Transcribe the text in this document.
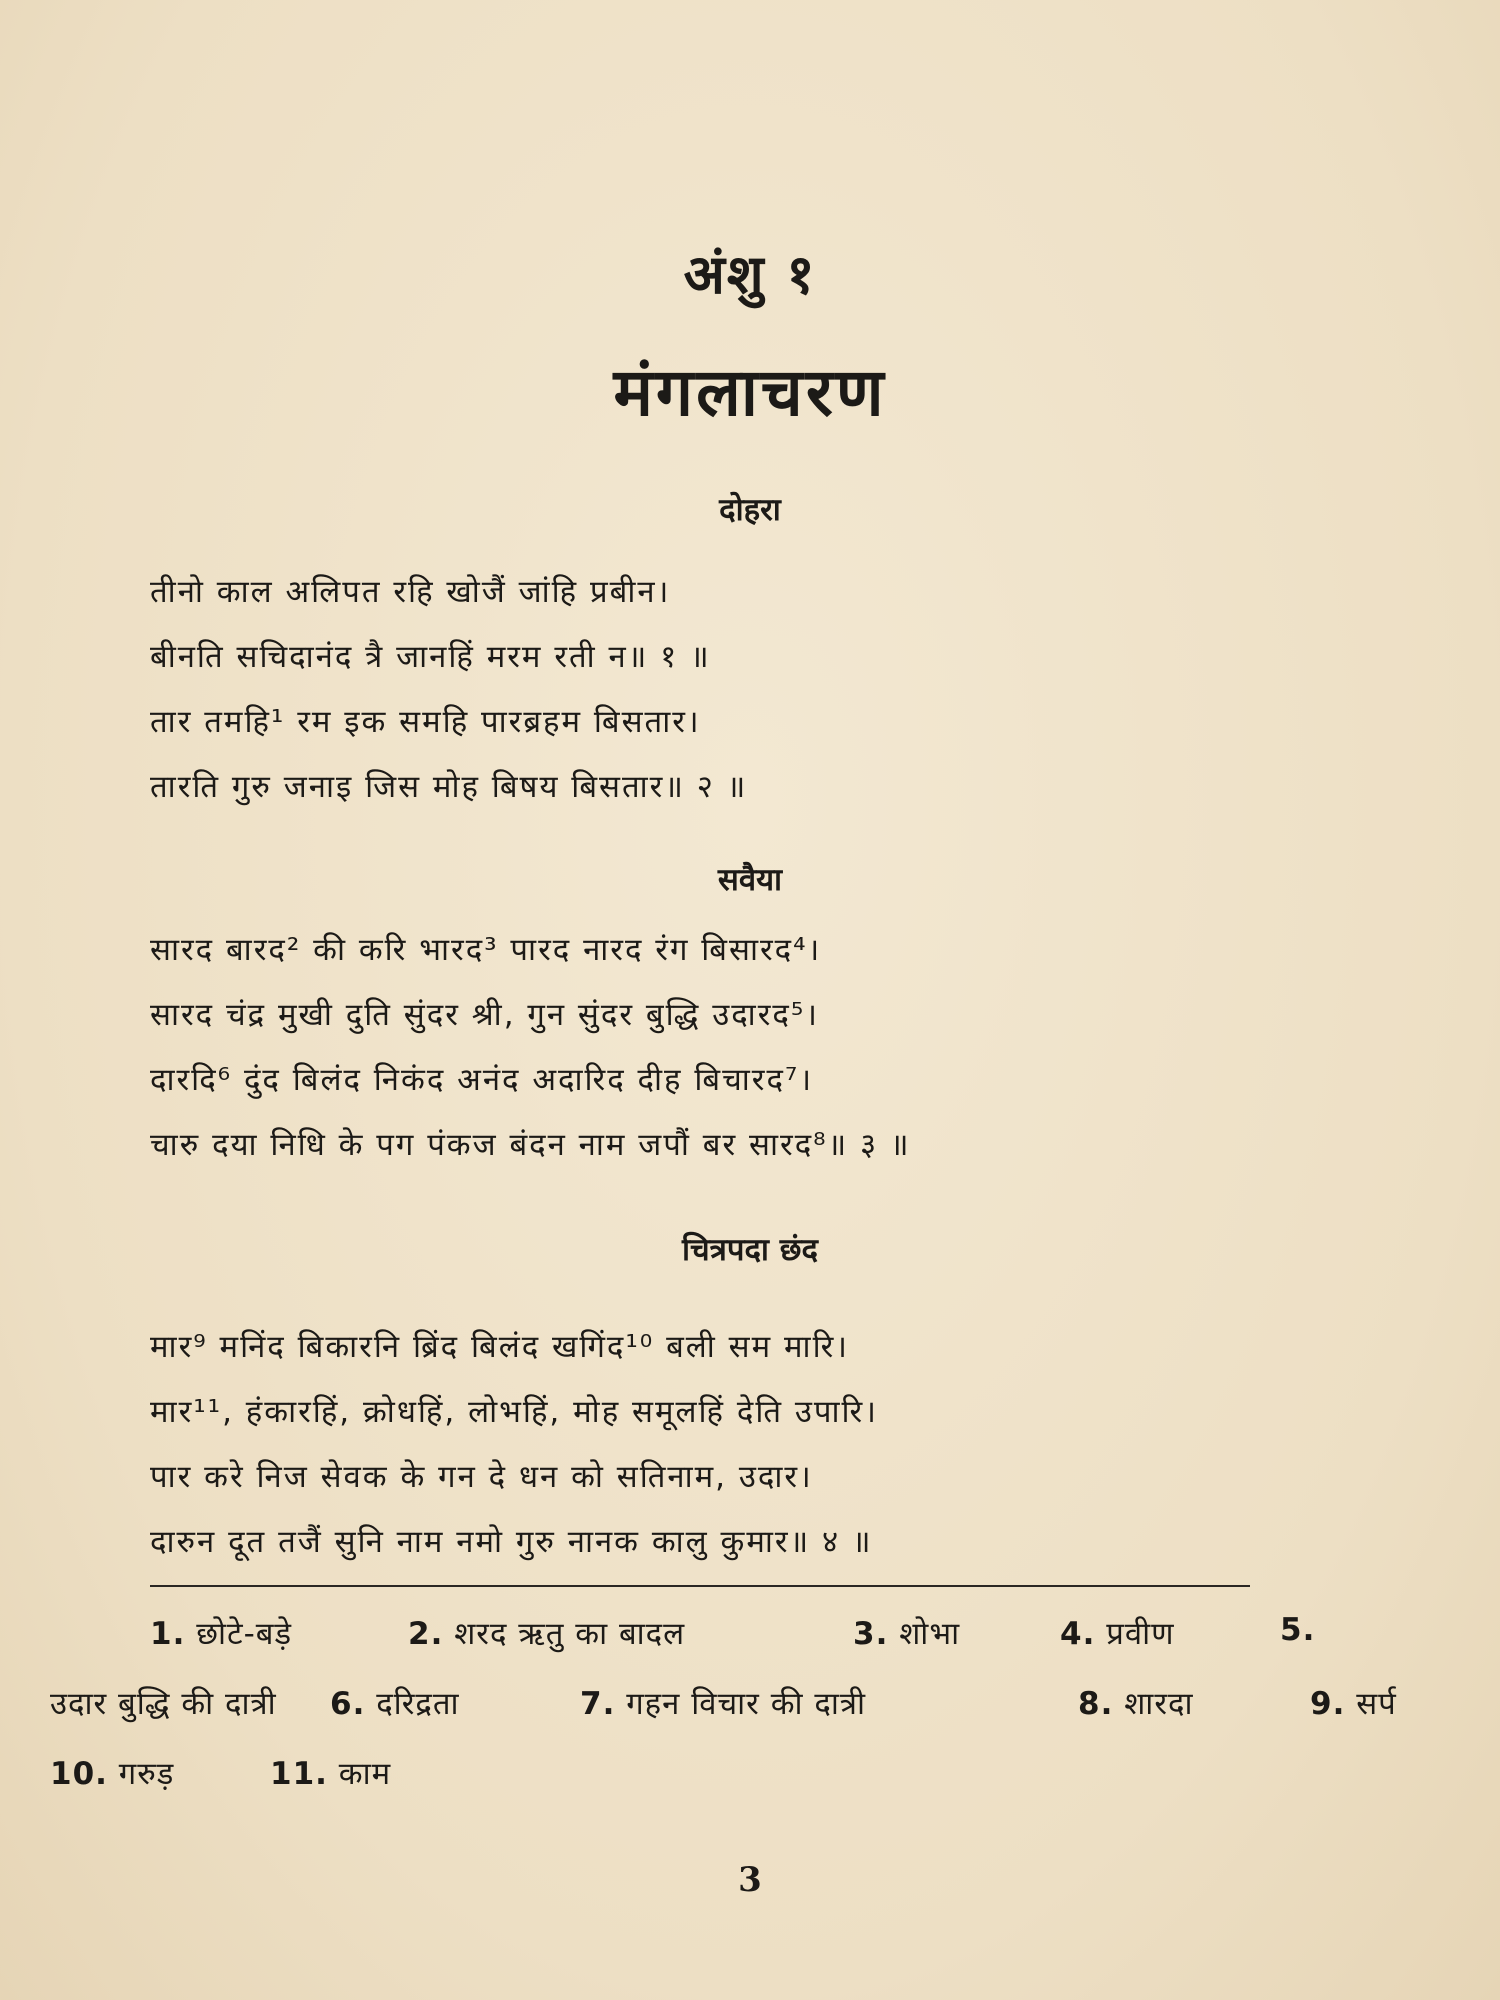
अंशु १
मंगलाचरण
दोहरा
तीनो काल अलिपत रहि खोजैं जांहि प्रबीन।
बीनति सचिदानंद त्रै जानहिं मरम रती न॥ १ ॥
तार तमहि¹ रम इक समहि पारब्रहम बिसतार।
तारति गुरु जनाइ जिस मोह बिषय बिसतार॥ २ ॥
सवैया
सारद बारद² की करि भारद³ पारद नारद रंग बिसारद⁴।
सारद चंद्र मुखी दुति सुंदर श्री, गुन सुंदर बुद्धि उदारद⁵।
दारदि⁶ दुंद बिलंद निकंद अनंद अदारिद दीह बिचारद⁷।
चारु दया निधि के पग पंकज बंदन नाम जपौं बर सारद⁸॥ ३ ॥
चित्रपदा छंद
मार⁹ मनिंद बिकारनि ब्रिंद बिलंद खगिंद¹⁰ बली सम मारि।
मार¹¹, हंकारहिं, क्रोधहिं, लोभहिं, मोह समूलहिं देति उपारि।
पार करे निज सेवक के गन दे धन को सतिनाम, उदार।
दारुन दूत तजैं सुनि नाम नमो गुरु नानक कालु कुमार॥ ४ ॥
1. छोटे-बड़े	2. शरद ऋतु का बादल	3. शोभा	4. प्रवीण	5.
उदार बुद्धि की दात्री 6. दरिद्रता	7. गहन विचार की दात्री	8. शारदा	9. सर्प
10. गरुड़	11. काम
3
